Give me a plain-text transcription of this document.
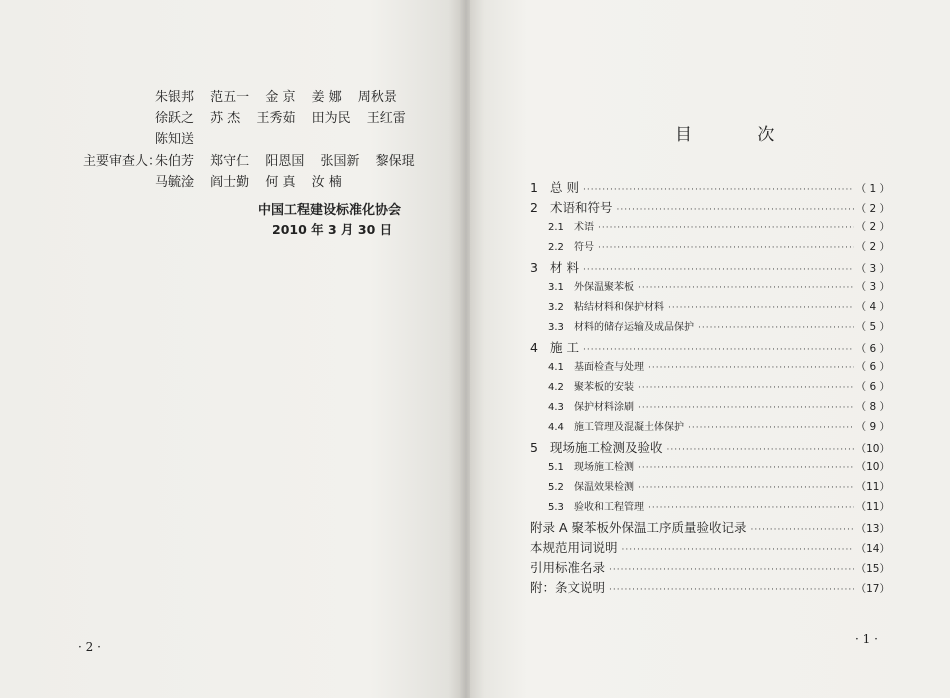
朱银邦 范五一 金 京 姜 娜 周秋景
徐跃之 苏 杰 王秀茹 田为民 王红雷
陈知送
主要审查人：
朱伯芳 郑守仁 阳恩国 张国新 黎保琨
马毓淦 阎士勤 何 真 汝 楠
中国工程建设标准化协会
2010 年 3 月 30 日
· 2 ·
目 次
1 总 则 ·····	（ 1 ）
2 术语和符号 ·····	（ 2 ）
2.1	术语 ·····	（ 2 ）
2.2	符号 ·····	（ 2 ）
3 材 料 ·····	（ 3 ）
3.1	外保温聚苯板 ·····	（ 3 ）
3.2	粘结材料和保护材料 ·····	（ 4 ）
3.3	材料的储存运输及成品保护 ·····	（ 5 ）
4 施 工 ·····	（ 6 ）
4.1	基面检查与处理 ·····	（ 6 ）
4.2	聚苯板的安装 ·····	（ 6 ）
4.3	保护材料涂刷 ·····	（ 8 ）
4.4	施工管理及混凝土体保护 ·····	（ 9 ）
5 现场施工检测及验收 ·····	（10）
5.1	现场施工检测 ·····	（10）
5.2	保温效果检测 ·····	（11）
5.3	验收和工程管理 ·····	（11）
附录 A 聚苯板外保温工序质量验收记录 ·····	（13）
本规范用词说明 ·····	（14）
引用标准名录 ·····	（15）
附：条文说明 ·····	（17）
· 1 ·
